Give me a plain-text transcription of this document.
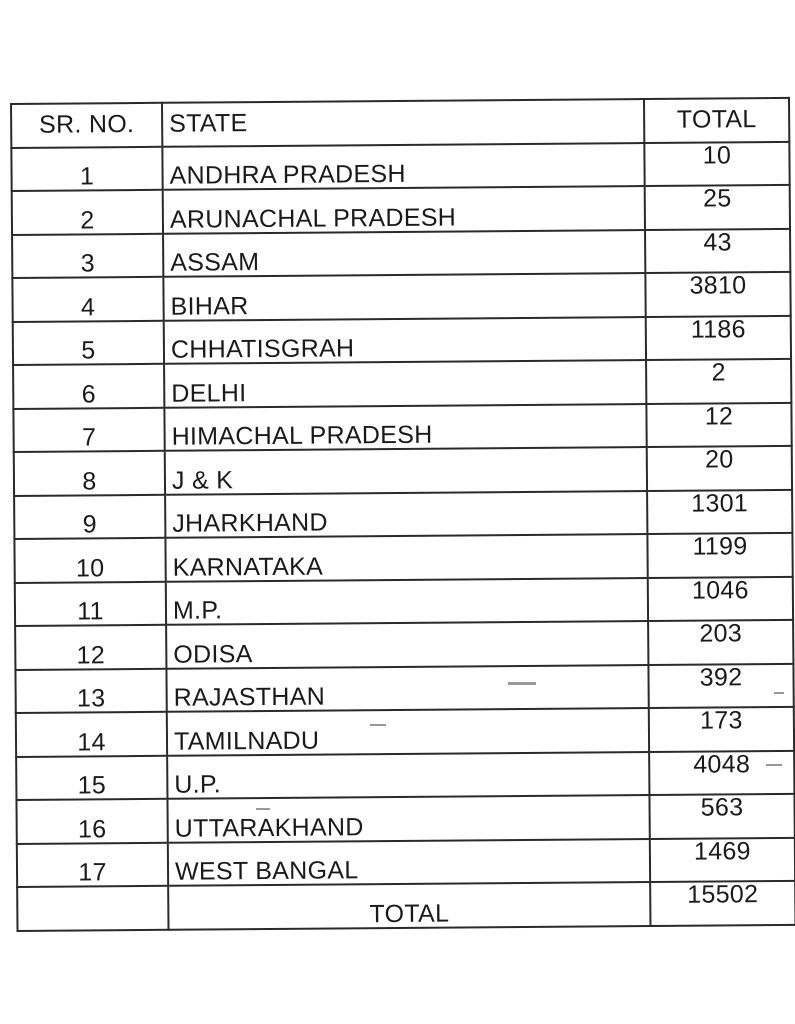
SR. NO.	STATE	TOTAL
1	ANDHRA PRADESH	10
2	ARUNACHAL PRADESH	25
3	ASSAM	43
4	BIHAR	3810
5	CHHATISGRAH	1186
6	DELHI	2
7	HIMACHAL PRADESH	12
8	J & K	20
9	JHARKHAND	1301
10	KARNATAKA	1199
11	M.P.	1046
12	ODISA	203
13	RAJASTHAN	392
14	TAMILNADU	173
15	U.P.	4048
16	UTTARAKHAND	563
17	WEST BANGAL	1469
	TOTAL	15502
